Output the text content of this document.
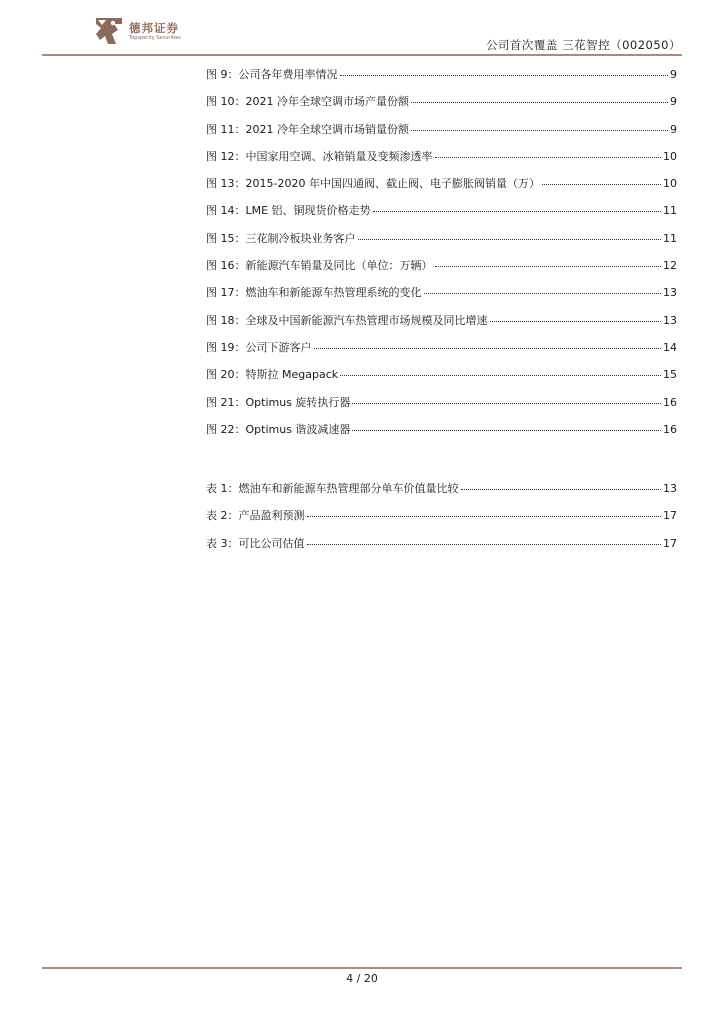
德邦证券
Topsperity Securities
公司首次覆盖 三花智控（002050）
图 9：公司各年费用率情况	9
图 10：2021 冷年全球空调市场产量份额	9
图 11：2021 冷年全球空调市场销量份额	9
图 12：中国家用空调、冰箱销量及变频渗透率	10
图 13：2015-2020 年中国四通阀、截止阀、电子膨胀阀销量（万）	10
图 14：LME 铝、铜现货价格走势	11
图 15：三花制冷板块业务客户	11
图 16：新能源汽车销量及同比（单位：万辆）	12
图 17：燃油车和新能源车热管理系统的变化	13
图 18：全球及中国新能源汽车热管理市场规模及同比增速	13
图 19：公司下游客户	14
图 20：特斯拉 Megapack	15
图 21：Optimus 旋转执行器	16
图 22：Optimus 谐波减速器	16
表 1：燃油车和新能源车热管理部分单车价值量比较	13
表 2：产品盈利预测	17
表 3：可比公司估值	17
4 / 20
